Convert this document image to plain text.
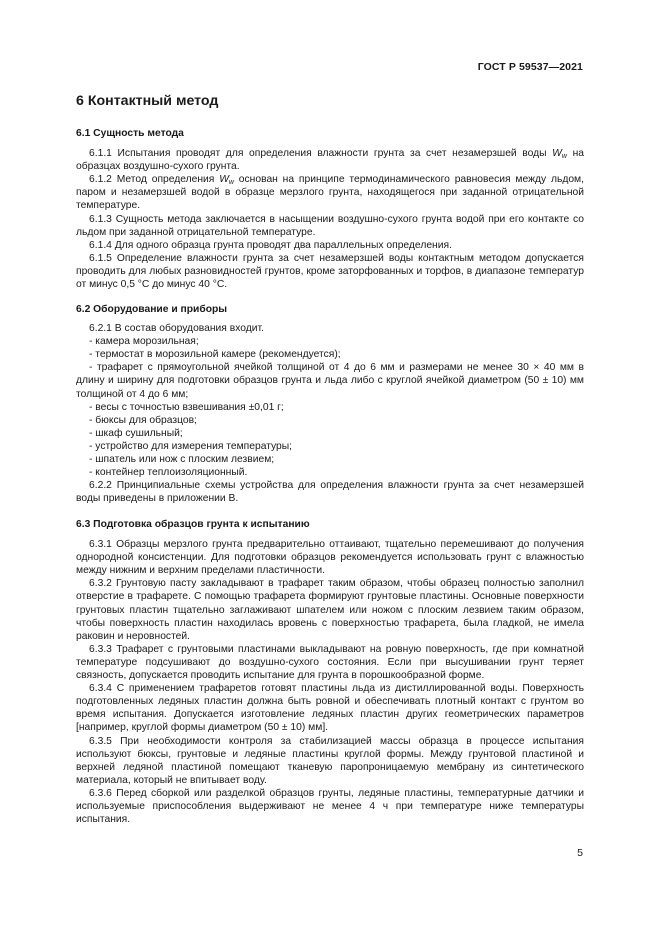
ГОСТ Р 59537—2021
6 Контактный метод

6.1 Сущность метода

6.1.1 Испытания проводят для определения влажности грунта за счет незамерзшей воды $W_w$ на образцах воздушно-сухого грунта.

6.1.2 Метод определения $W_w$ основан на принципе термодинамического равновесия между льдом, паром и незамерзшей водой в образце мерзлого грунта, находящегося при заданной отрицательной температуре.

6.1.3 Сущность метода заключается в насыщении воздушно-сухого грунта водой при его контакте со льдом при заданной отрицательной температуре.

6.1.4 Для одного образца грунта проводят два параллельных определения.

6.1.5 Определение влажности грунта за счет незамерзшей воды контактным методом допускается проводить для любых разновидностей грунтов, кроме заторфованных и торфов, в диапазоне температур от минус 0,5 °С до минус 40 °С.

6.2 Оборудование и приборы

6.2.1 В состав оборудования входит.

- камера морозильная;

- термостат в морозильной камере (рекомендуется);

- трафарет с прямоугольной ячейкой толщиной от 4 до 6 мм и размерами не менее 30 × 40 мм в длину и ширину для подготовки образцов грунта и льда либо с круглой ячейкой диаметром (50 ± 10) мм толщиной от 4 до 6 мм;

- весы с точностью взвешивания ±0,01 г;

- бюксы для образцов;

- шкаф сушильный;

- устройство для измерения температуры;

- шпатель или нож с плоским лезвием;

- контейнер теплоизоляционный.

6.2.2 Принципиальные схемы устройства для определения влажности грунта за счет незамерзшей воды приведены в приложении В.

6.3 Подготовка образцов грунта к испытанию

6.3.1 Образцы мерзлого грунта предварительно оттаивают, тщательно перемешивают до получения однородной консистенции. Для подготовки образцов рекомендуется использовать грунт с влажностью между нижним и верхним пределами пластичности.

6.3.2 Грунтовую пасту закладывают в трафарет таким образом, чтобы образец полностью заполнил отверстие в трафарете. С помощью трафарета формируют грунтовые пластины. Основные поверхности грунтовых пластин тщательно заглаживают шпателем или ножом с плоским лезвием таким образом, чтобы поверхность пластин находилась вровень с поверхностью трафарета, была гладкой, не имела раковин и неровностей.

6.3.3 Трафарет с грунтовыми пластинами выкладывают на ровную поверхность, где при комнатной температуре подсушивают до воздушно-сухого состояния. Если при высушивании грунт теряет связность, допускается проводить испытание для грунта в порошкообразной форме.

6.3.4 С применением трафаретов готовят пластины льда из дистиллированной воды. Поверхность подготовленных ледяных пластин должна быть ровной и обеспечивать плотный контакт с грунтом во время испытания. Допускается изготовление ледяных пластин других геометрических параметров [например, круглой формы диаметром (50 ± 10) мм].

6.3.5 При необходимости контроля за стабилизацией массы образца в процессе испытания используют бюксы, грунтовые и ледяные пластины круглой формы. Между грунтовой пластиной и верхней ледяной пластиной помещают тканевую паропроницаемую мембрану из синтетического материала, который не впитывает воду.

6.3.6 Перед сборкой или разделкой образцов грунты, ледяные пластины, температурные датчики и используемые приспособления выдерживают не менее 4 ч при температуре ниже температуры испытания.

5
